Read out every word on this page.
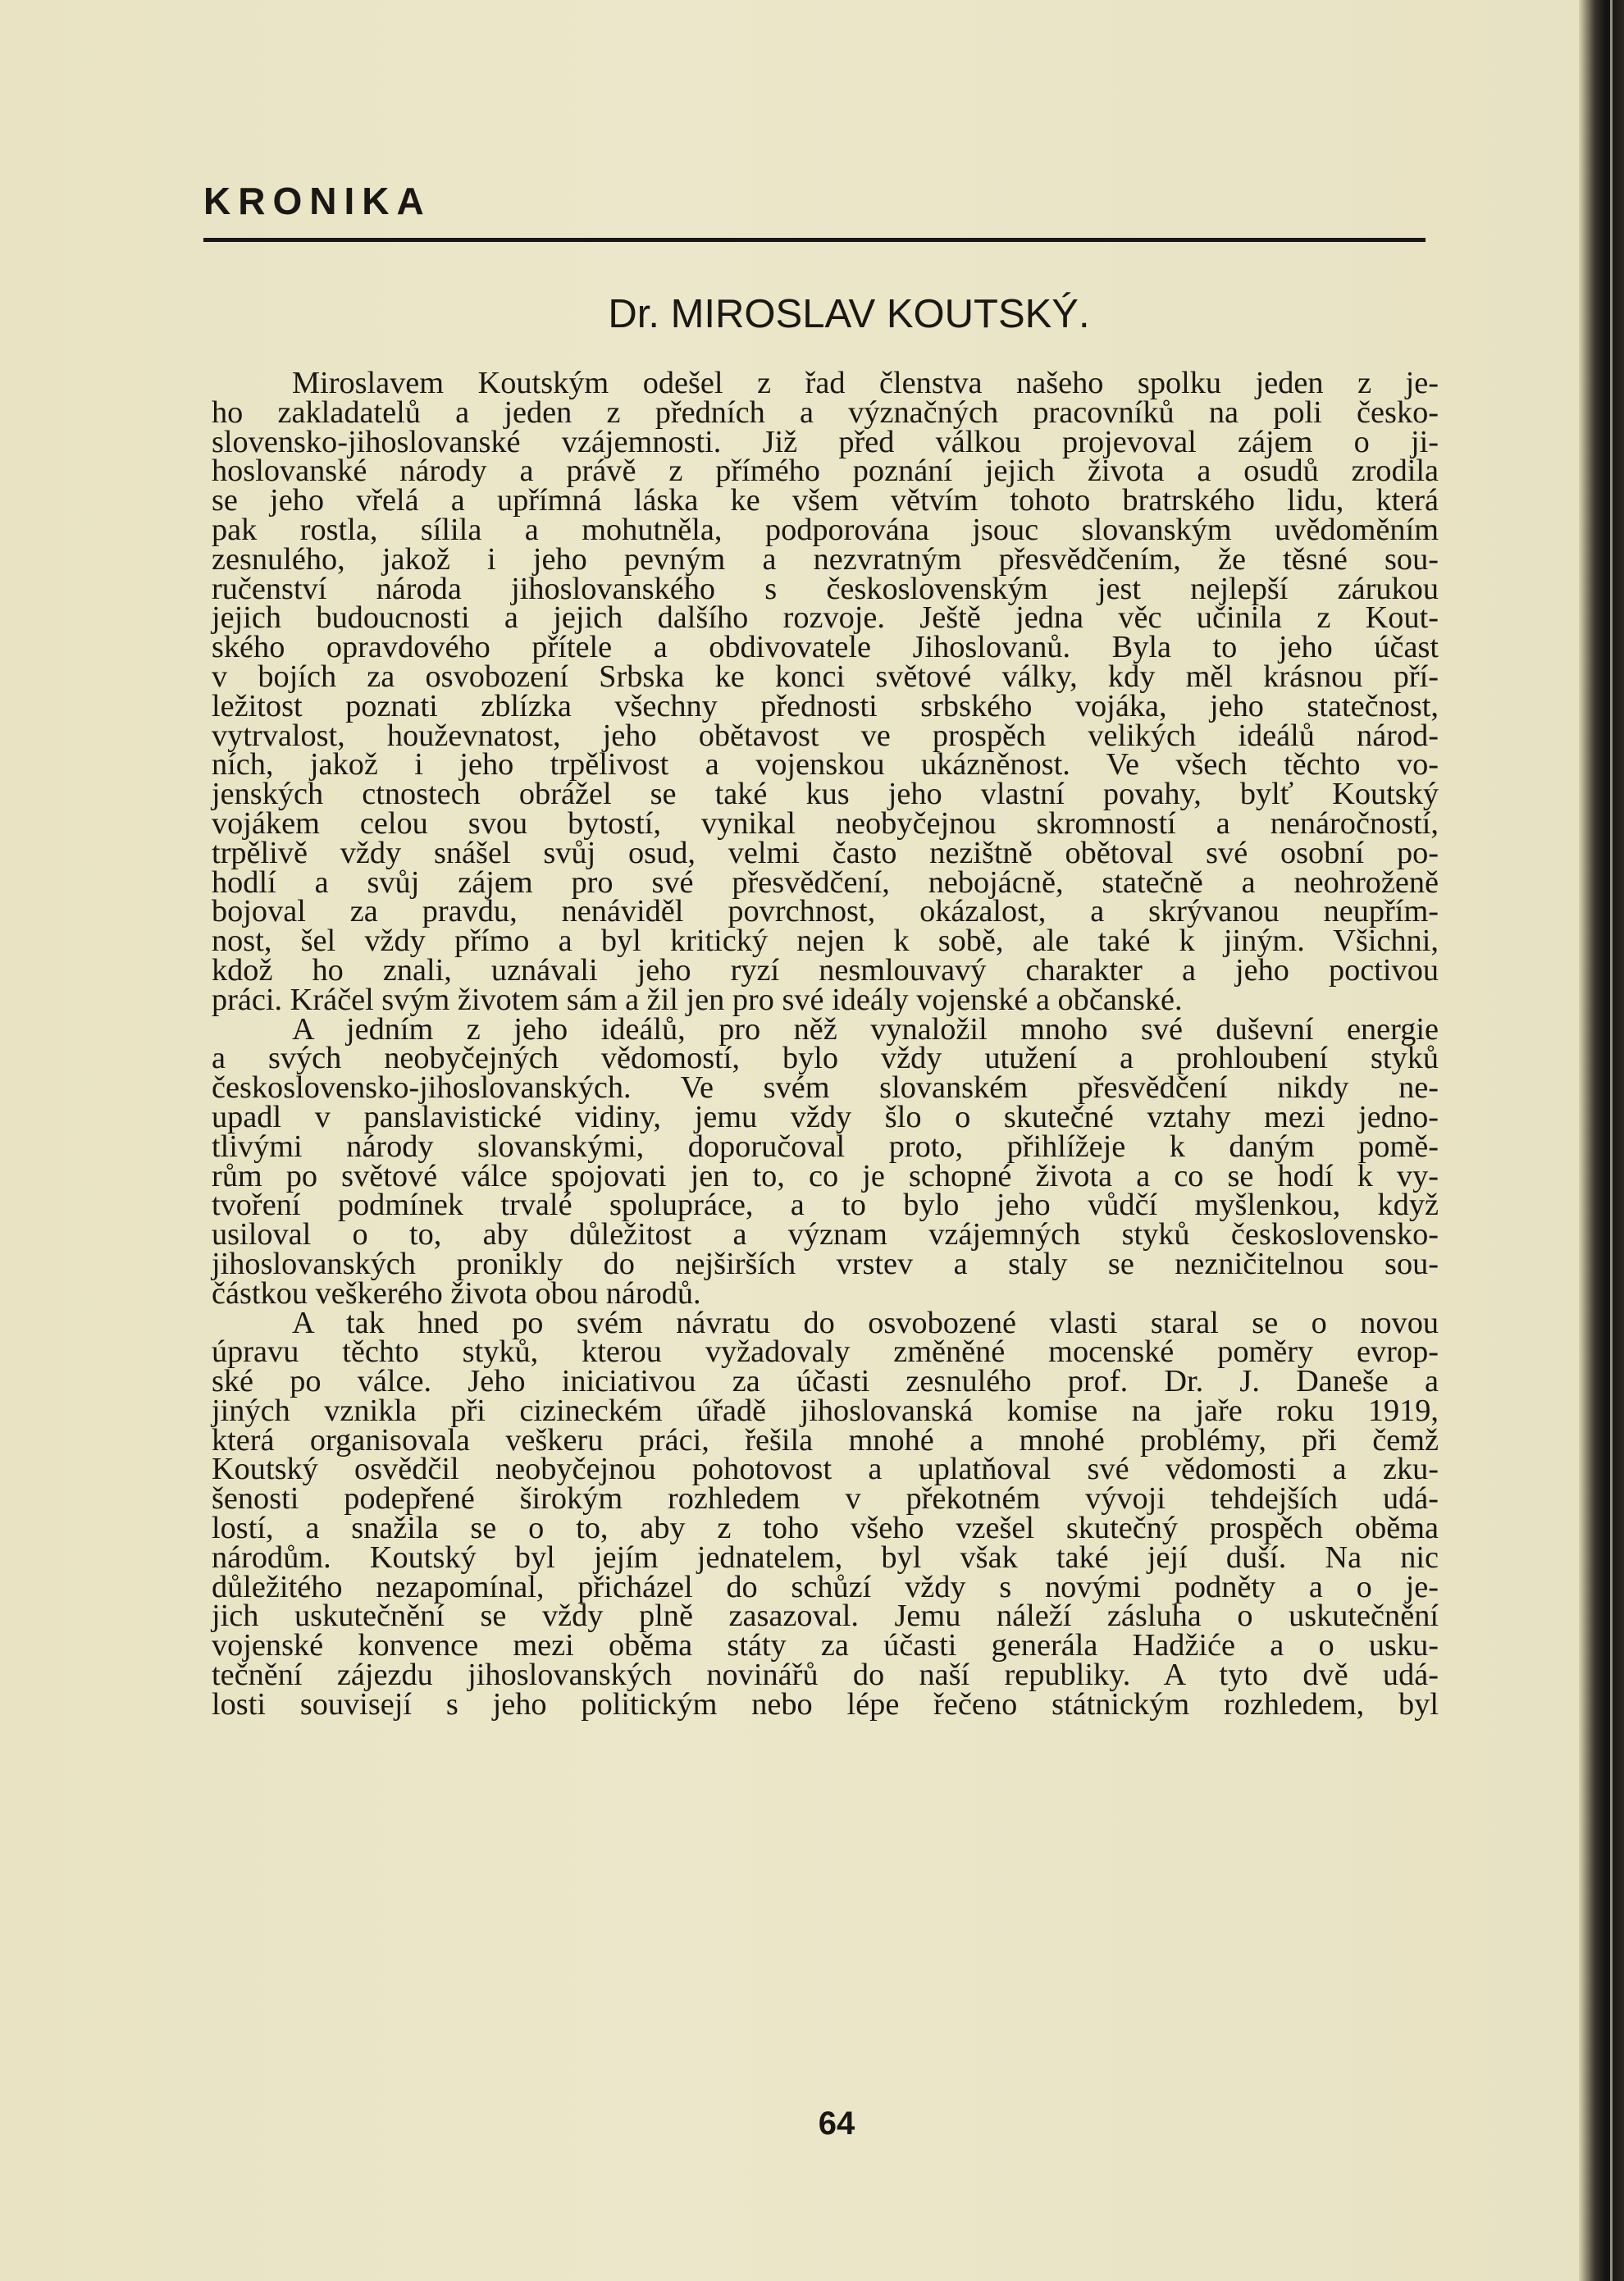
KRONIKA
Dr. MIROSLAV KOUTSKÝ.
Miroslavem Koutským odešel z řad členstva našeho spolku jeden z je-
ho zakladatelů a jeden z předních a význačných pracovníků na poli česko-
slovensko-jihoslovanské vzájemnosti. Již před válkou projevoval zájem o ji-
hoslovanské národy a právě z přímého poznání jejich života a osudů zrodila
se jeho vřelá a upřímná láska ke všem větvím tohoto bratrského lidu, která
pak rostla, sílila a mohutněla, podporována jsouc slovanským uvědoměním
zesnulého, jakož i jeho pevným a nezvratným přesvědčením, že těsné sou-
ručenství národa jihoslovanského s československým jest nejlepší zárukou
jejich budoucnosti a jejich dalšího rozvoje. Ještě jedna věc učinila z Kout-
ského opravdového přítele a obdivovatele Jihoslovanů. Byla to jeho účast
v bojích za osvobození Srbska ke konci světové války, kdy měl krásnou pří-
ležitost poznati zblízka všechny přednosti srbského vojáka, jeho statečnost,
vytrvalost, houževnatost, jeho obětavost ve prospěch velikých ideálů národ-
ních, jakož i jeho trpělivost a vojenskou ukázněnost. Ve všech těchto vo-
jenských ctnostech obrážel se také kus jeho vlastní povahy, bylť Koutský
vojákem celou svou bytostí, vynikal neobyčejnou skromností a nenáročností,
trpělivě vždy snášel svůj osud, velmi často nezištně obětoval své osobní po-
hodlí a svůj zájem pro své přesvědčení, nebojácně, statečně a neohroženě
bojoval za pravdu, nenáviděl povrchnost, okázalost, a skrývanou neupřím-
nost, šel vždy přímo a byl kritický nejen k sobě, ale také k jiným. Všichni,
kdož ho znali, uznávali jeho ryzí nesmlouvavý charakter a jeho poctivou
práci. Kráčel svým životem sám a žil jen pro své ideály vojenské a občanské.
A jedním z jeho ideálů, pro něž vynaložil mnoho své duševní energie
a svých neobyčejných vědomostí, bylo vždy utužení a prohloubení styků
československo-jihoslovanských. Ve svém slovanském přesvědčení nikdy ne-
upadl v panslavistické vidiny, jemu vždy šlo o skutečné vztahy mezi jedno-
tlivými národy slovanskými, doporučoval proto, přihlížeje k daným pomě-
rům po světové válce spojovati jen to, co je schopné života a co se hodí k vy-
tvoření podmínek trvalé spolupráce, a to bylo jeho vůdčí myšlenkou, když
usiloval o to, aby důležitost a význam vzájemných styků československo-
jihoslovanských pronikly do nejširších vrstev a staly se nezničitelnou sou-
částkou veškerého života obou národů.
A tak hned po svém návratu do osvobozené vlasti staral se o novou
úpravu těchto styků, kterou vyžadovaly změněné mocenské poměry evrop-
ské po válce. Jeho iniciativou za účasti zesnulého prof. Dr. J. Daneše a
jiných vznikla při cizineckém úřadě jihoslovanská komise na jaře roku 1919,
která organisovala veškeru práci, řešila mnohé a mnohé problémy, při čemž
Koutský osvědčil neobyčejnou pohotovost a uplatňoval své vědomosti a zku-
šenosti podepřené širokým rozhledem v překotném vývoji tehdejších udá-
lostí, a snažila se o to, aby z toho všeho vzešel skutečný prospěch oběma
národům. Koutský byl jejím jednatelem, byl však také její duší. Na nic
důležitého nezapomínal, přicházel do schůzí vždy s novými podněty a o je-
jich uskutečnění se vždy plně zasazoval. Jemu náleží zásluha o uskutečnění
vojenské konvence mezi oběma státy za účasti generála Hadžiće a o usku-
tečnění zájezdu jihoslovanských novinářů do naší republiky. A tyto dvě udá-
losti souvisejí s jeho politickým nebo lépe řečeno státnickým rozhledem, byl
64
